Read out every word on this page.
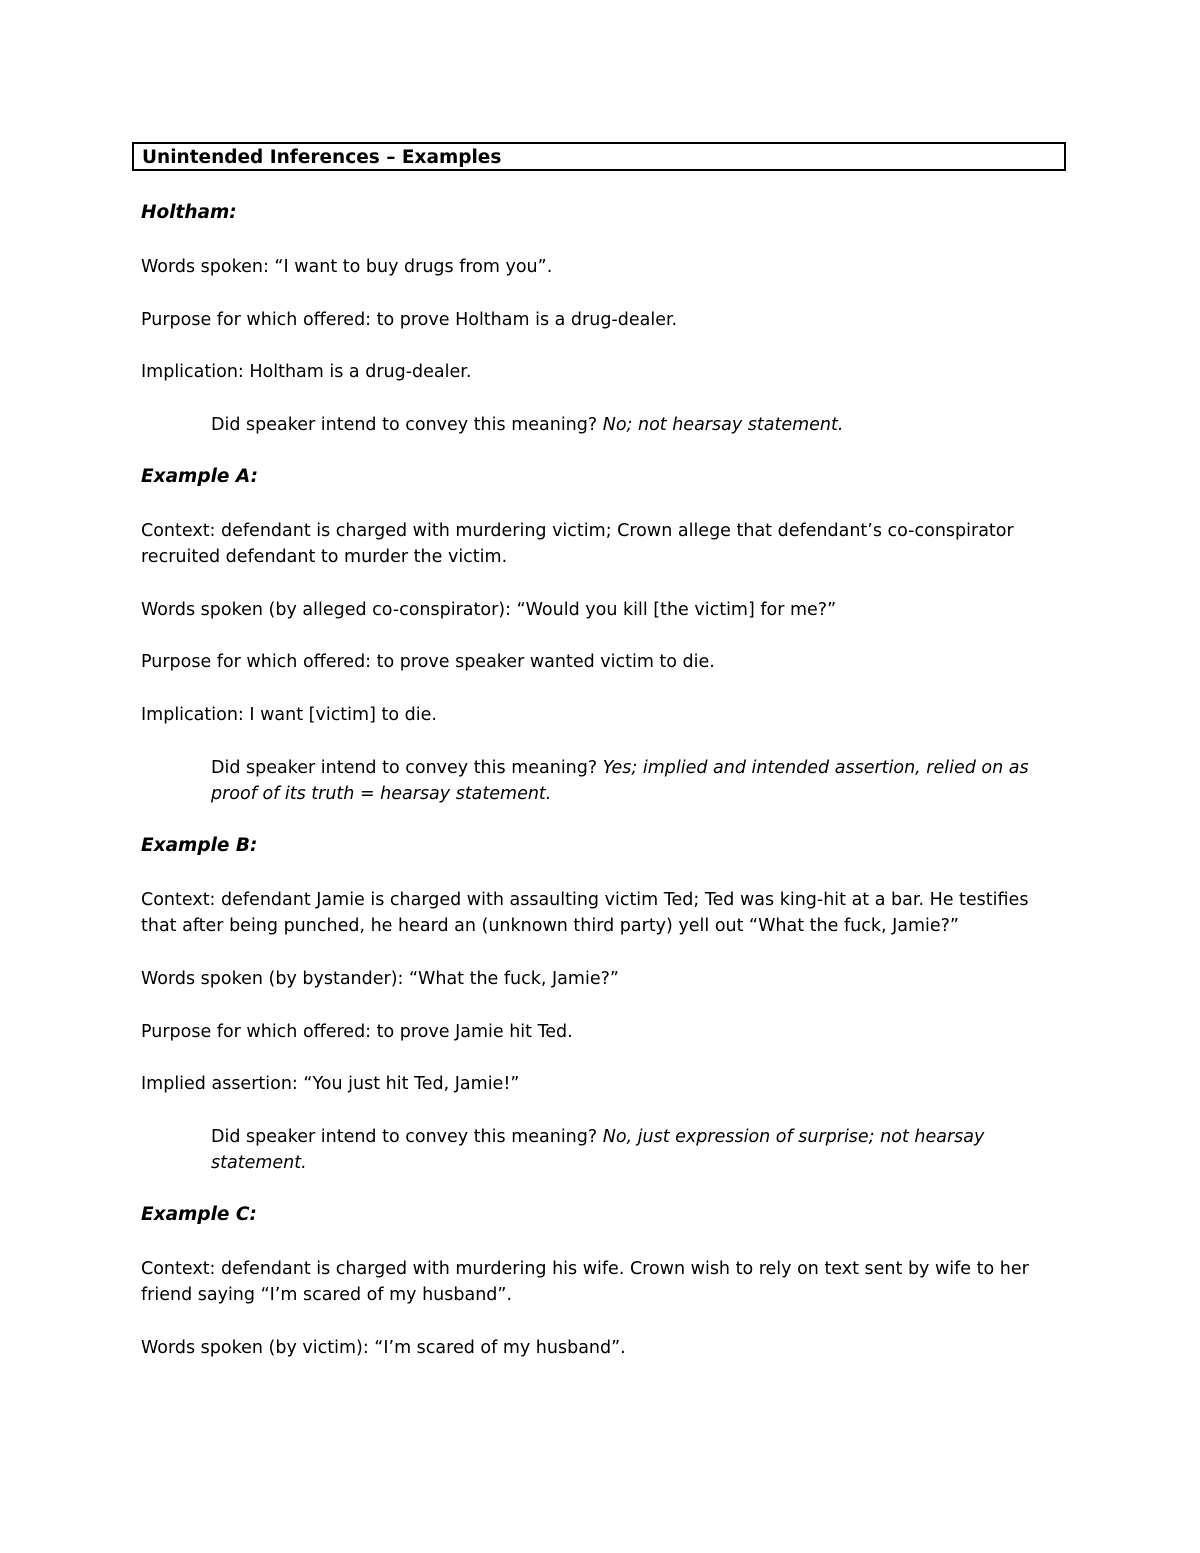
Unintended Inferences – Examples

Holtham:

Words spoken: “I want to buy drugs from you”.

Purpose for which offered: to prove Holtham is a drug-dealer.

Implication: Holtham is a drug-dealer.

Did speaker intend to convey this meaning? No; not hearsay statement.

Example A:

Context: defendant is charged with murdering victim; Crown allege that defendant’s co-conspirator

recruited defendant to murder the victim.

Words spoken (by alleged co-conspirator): “Would you kill [the victim] for me?”

Purpose for which offered: to prove speaker wanted victim to die.

Implication: I want [victim] to die.

Did speaker intend to convey this meaning? Yes; implied and intended assertion, relied on as

proof of its truth = hearsay statement.

Example B:

Context: defendant Jamie is charged with assaulting victim Ted; Ted was king-hit at a bar. He testifies

that after being punched, he heard an (unknown third party) yell out “What the fuck, Jamie?”

Words spoken (by bystander): “What the fuck, Jamie?”

Purpose for which offered: to prove Jamie hit Ted.

Implied assertion: “You just hit Ted, Jamie!”

Did speaker intend to convey this meaning? No, just expression of surprise; not hearsay

statement.

Example C:

Context: defendant is charged with murdering his wife. Crown wish to rely on text sent by wife to her

friend saying “I’m scared of my husband”.

Words spoken (by victim): “I’m scared of my husband”.
